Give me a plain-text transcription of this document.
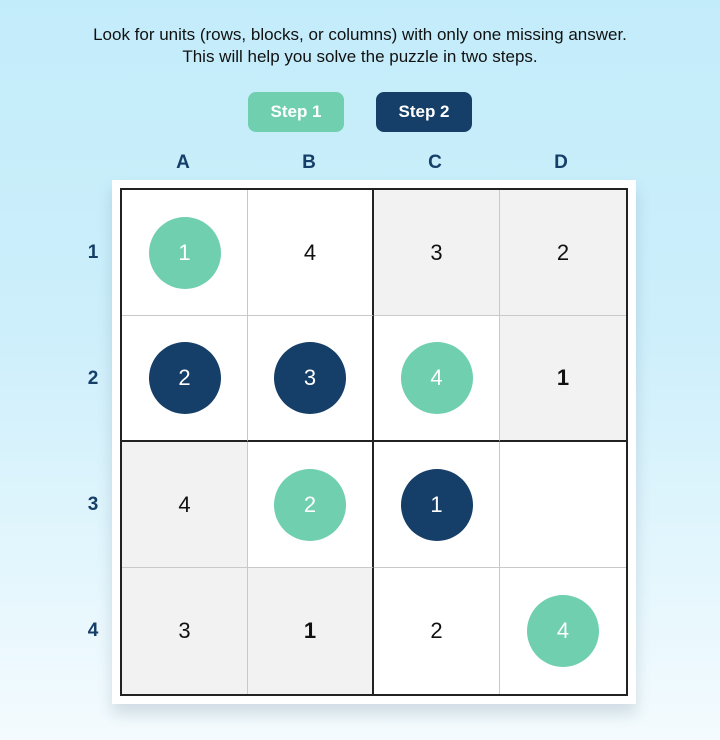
Look for units (rows, blocks, or columns) with only one missing answer.

This will help you solve the puzzle in two steps.

Step 1	Step 2
A	B	C	D
1
2
3
4
1	4	3	2
2	3	4	1
4	2	1
3	1	2	4
